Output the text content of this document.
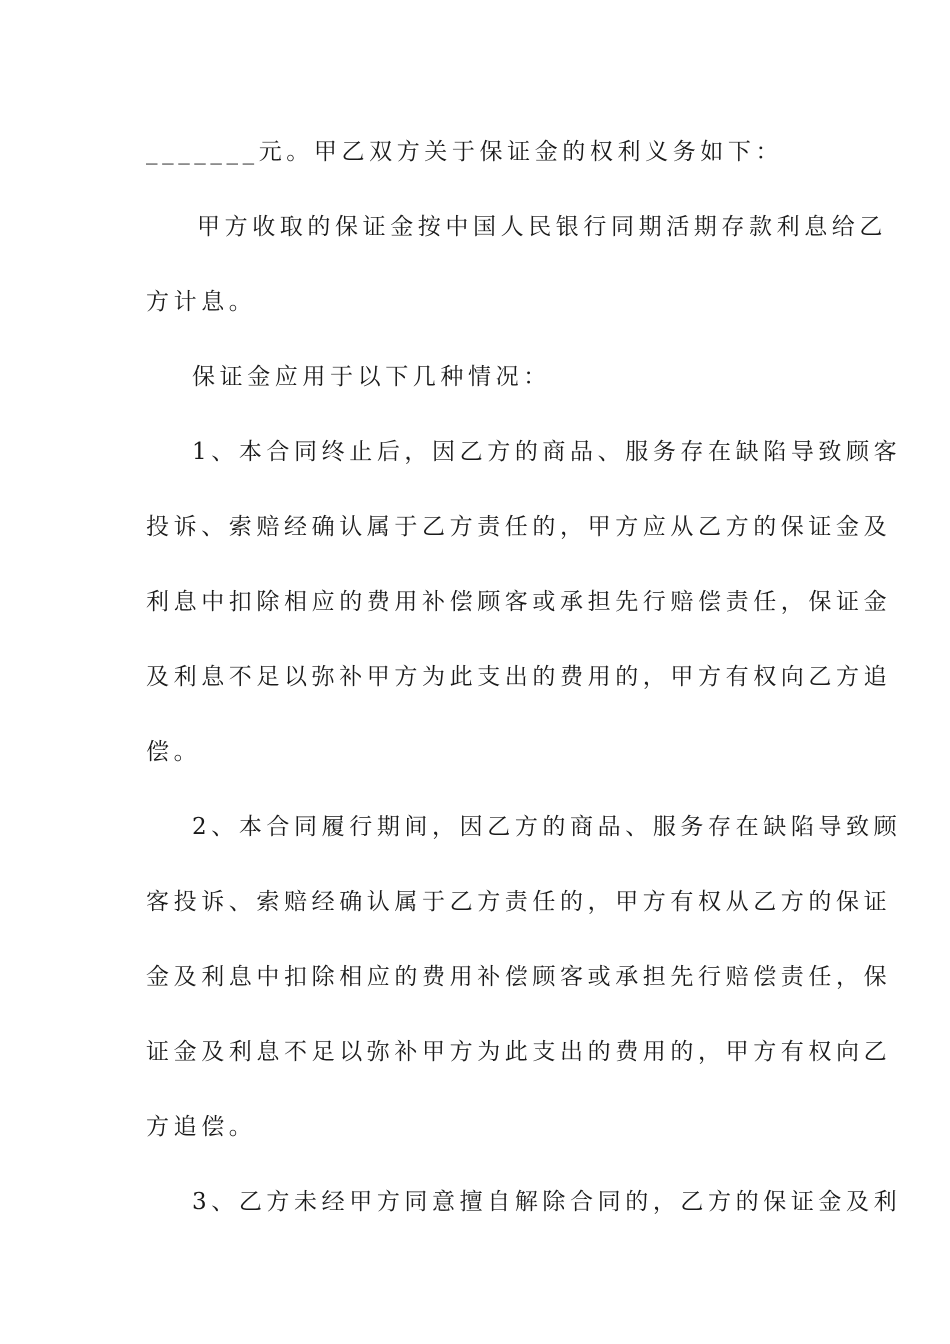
_______元。甲乙双方关于保证金的权利义务如下：

甲方收取的保证金按中国人民银行同期活期存款利息给乙

方计息。

保证金应用于以下几种情况：

1、本合同终止后，因乙方的商品、服务存在缺陷导致顾客

投诉、索赔经确认属于乙方责任的，甲方应从乙方的保证金及

利息中扣除相应的费用补偿顾客或承担先行赔偿责任，保证金

及利息不足以弥补甲方为此支出的费用的，甲方有权向乙方追

偿。

2、本合同履行期间，因乙方的商品、服务存在缺陷导致顾

客投诉、索赔经确认属于乙方责任的，甲方有权从乙方的保证

金及利息中扣除相应的费用补偿顾客或承担先行赔偿责任，保

证金及利息不足以弥补甲方为此支出的费用的，甲方有权向乙

方追偿。

3、乙方未经甲方同意擅自解除合同的，乙方的保证金及利
